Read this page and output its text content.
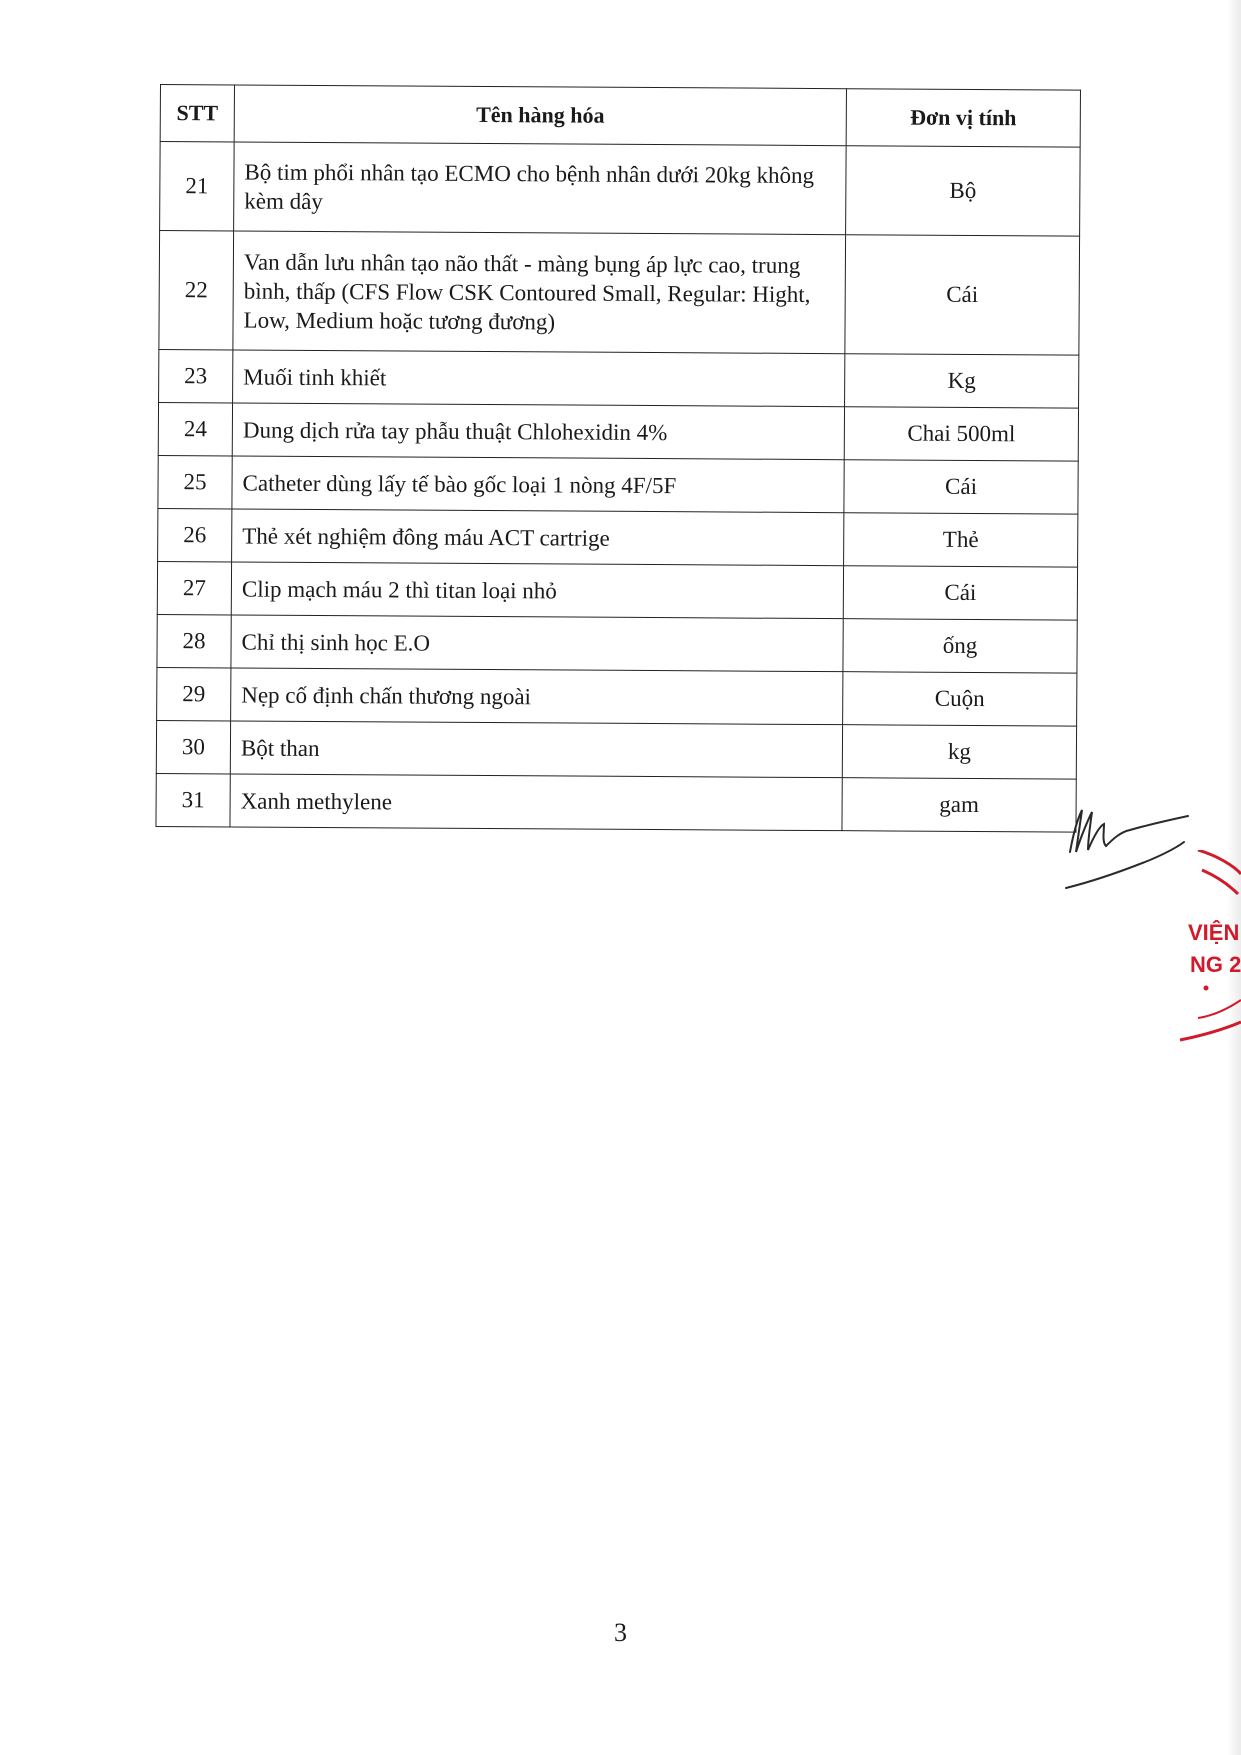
STT	Tên hàng hóa	Đơn vị tính
21	Bộ tim phổi nhân tạo ECMO cho bệnh nhân dưới 20kg không kèm dây	Bộ
22	Van dẫn lưu nhân tạo não thất - màng bụng áp lực cao, trung bình, thấp (CFS Flow CSK Contoured Small, Regular: Hight, Low, Medium hoặc tương đương)	Cái
23	Muối tinh khiết	Kg
24	Dung dịch rửa tay phẫu thuật Chlohexidin 4%	Chai 500ml
25	Catheter dùng lấy tế bào gốc loại 1 nòng 4F/5F	Cái
26	Thẻ xét nghiệm đông máu ACT cartrige	Thẻ
27	Clip mạch máu 2 thì titan loại nhỏ	Cái
28	Chỉ thị sinh học E.O	ống
29	Nẹp cố định chấn thương ngoài	Cuộn
30	Bột than	kg
31	Xanh methylene	gam
VIỆN
NG 2
3
